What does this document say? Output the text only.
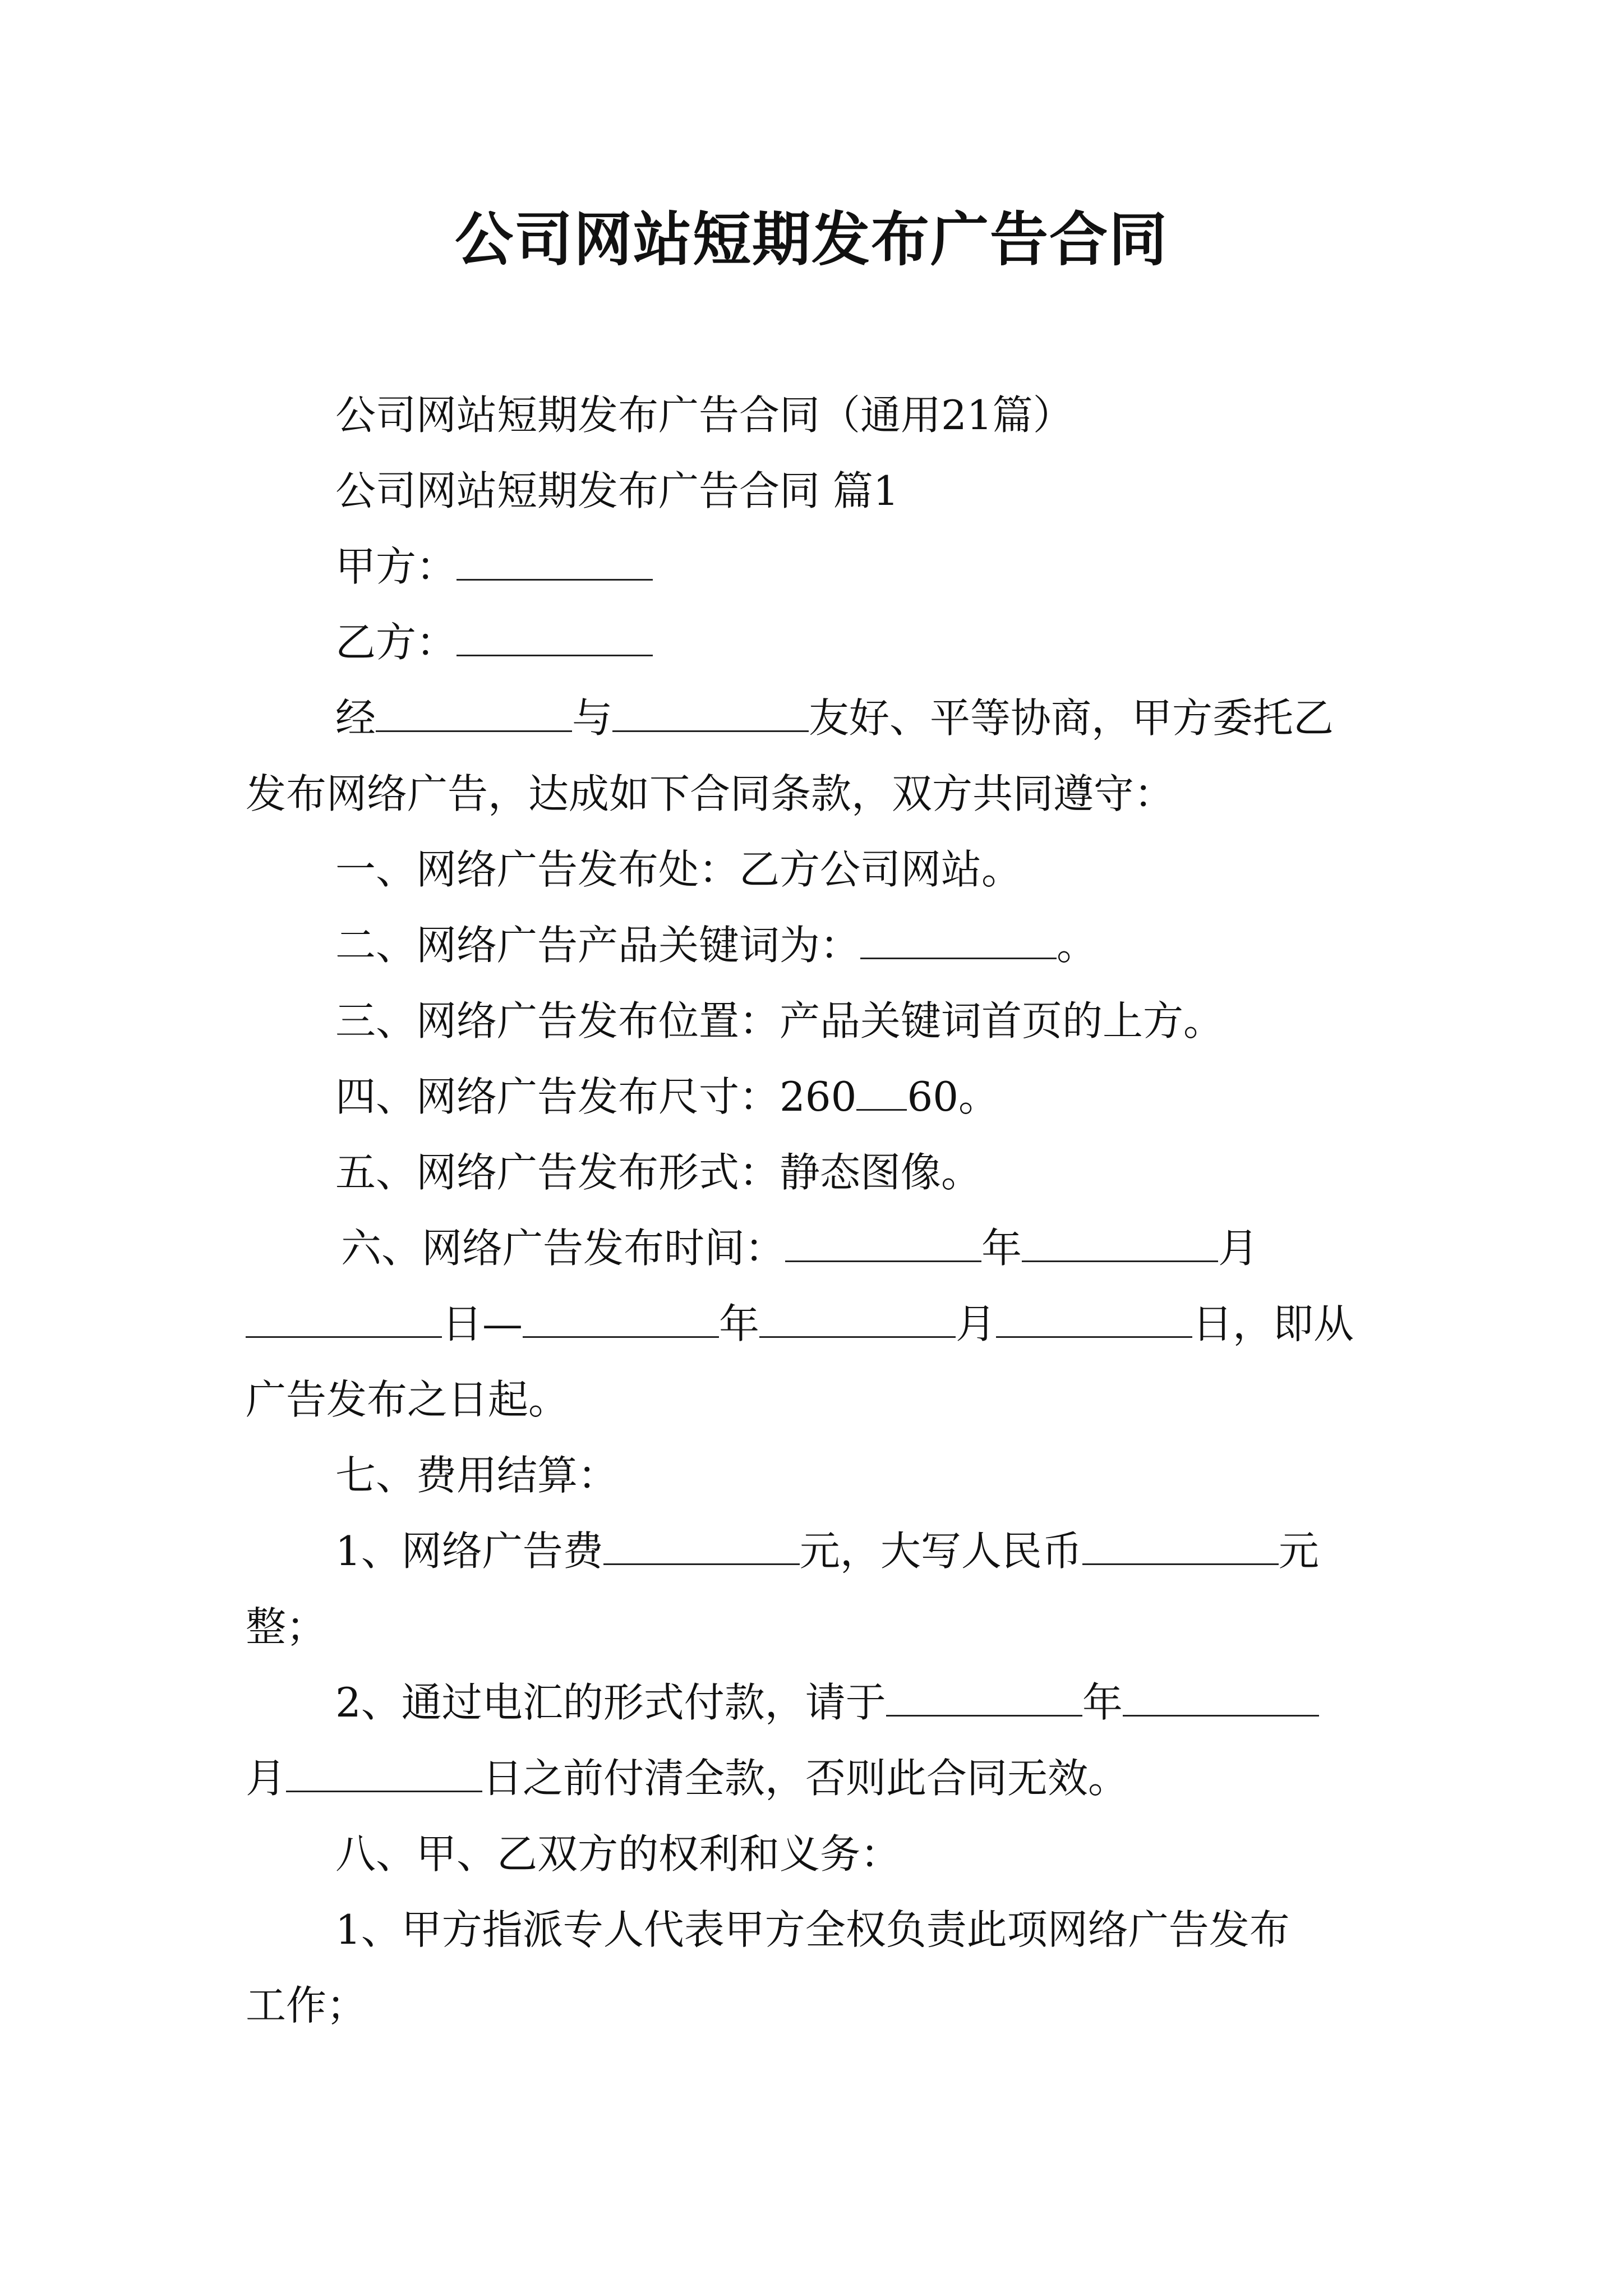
公司网站短期发布广告合同
公司网站短期发布广告合同（通用21篇）
公司网站短期发布广告合同 篇1
甲方：
乙方：
经	与	友好、平等协商，甲方委托乙
发布网络广告，达成如下合同条款，双方共同遵守：
一、网络广告发布处：乙方公司网站。
二、网络广告产品关键词为：	。
三、网络广告发布位置：产品关键词首页的上方。
四、网络广告发布尺寸：260 60。
五、网络广告发布形式：静态图像。
六、网络广告发布时间：	年	月
日—	年	月	日，即从
广告发布之日起。
七、费用结算：
1、网络广告费	元，大写人民币	元
整；
2、通过电汇的形式付款，请于	年
月	日之前付清全款，否则此合同无效。
八、甲、乙双方的权利和义务：
1、甲方指派专人代表甲方全权负责此项网络广告发布
工作；
